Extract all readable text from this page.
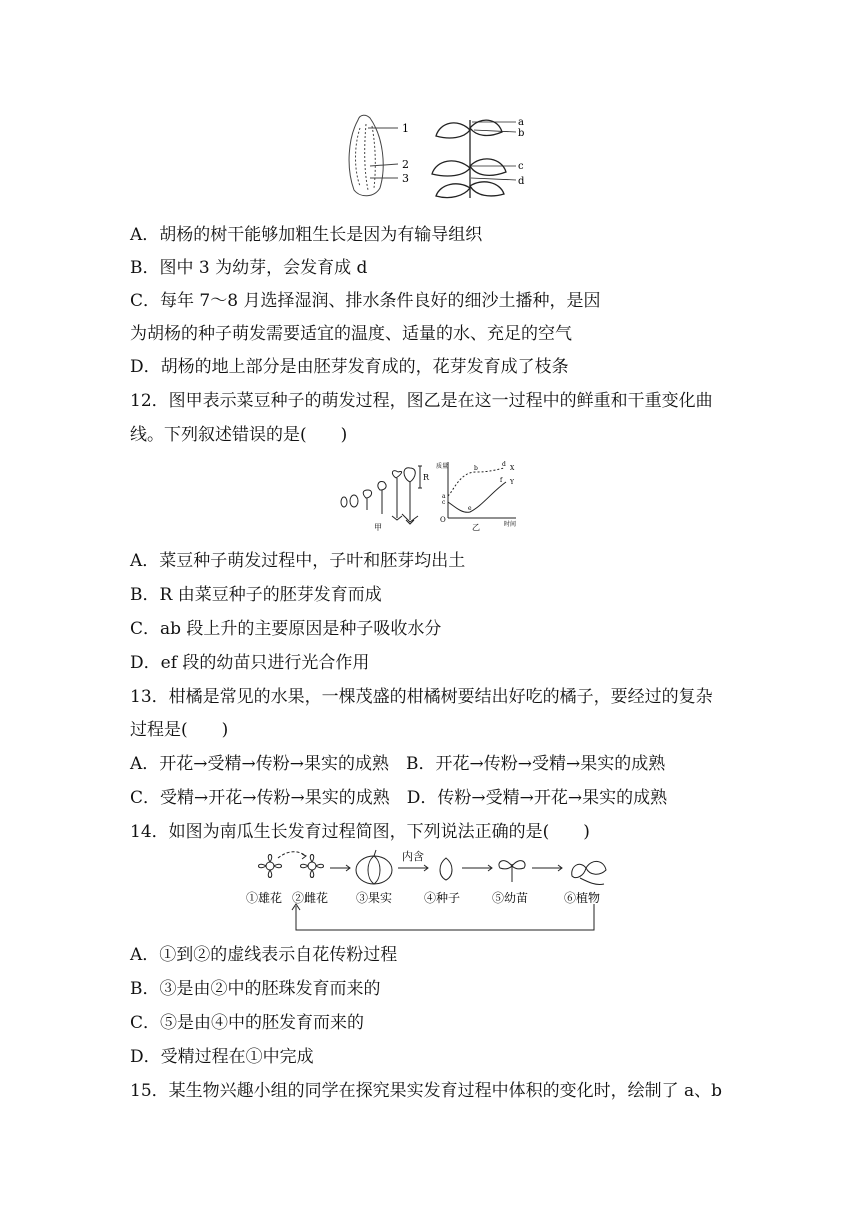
1
2
3
a
b
c
d
A．胡杨的树干能够加粗生长是因为有输导组织
B．图中 3 为幼芽，会发育成 d
C．每年 7～8 月选择湿润、排水条件良好的细沙土播种，是因
为胡杨的种子萌发需要适宜的温度、适量的水、充足的空气
D．胡杨的地上部分是由胚芽发育成的，花芽发育成了枝条
12．图甲表示菜豆种子的萌发过程，图乙是在这一过程中的鲜重和干重变化曲
线。下列叙述错误的是(　　)
R
甲
质量
O
时间
a
b
c
d
e
f
X
Y
乙
A．菜豆种子萌发过程中，子叶和胚芽均出土
B．R 由菜豆种子的胚芽发育而成
C．ab 段上升的主要原因是种子吸收水分
D．ef 段的幼苗只进行光合作用
13．柑橘是常见的水果，一棵茂盛的柑橘树要结出好吃的橘子，要经过的复杂
过程是(　　)
A．开花→受精→传粉→果实的成熟　B．开花→传粉→受精→果实的成熟
C．受精→开花→传粉→果实的成熟　D．传粉→受精→开花→果实的成熟
14．如图为南瓜生长发育过程简图，下列说法正确的是(　　)
内含
①雄花 ②雌花 ③果实	④种子	⑤幼苗	⑥植物
A．①到②的虚线表示自花传粉过程
B．③是由②中的胚珠发育而来的
C．⑤是由④中的胚发育而来的
D．受精过程在①中完成
15．某生物兴趣小组的同学在探究果实发育过程中体积的变化时，绘制了 a、b
